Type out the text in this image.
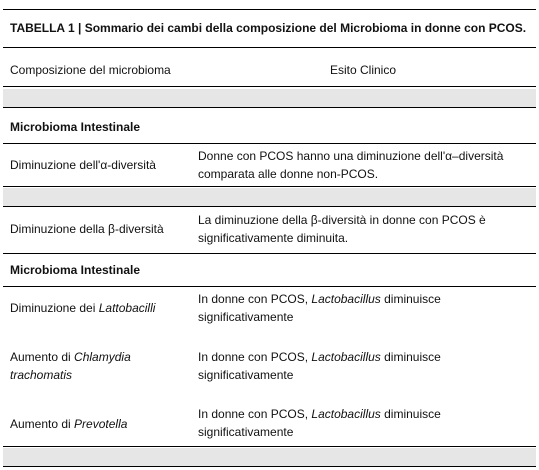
TABELLA 1 | Sommario dei cambi della composizione del Microbioma in donne con PCOS.
Composizione del microbioma	Esito Clinico
Microbioma Intestinale
Diminuzione dell'α-diversità
Donne con PCOS hanno una diminuzione dell'α–diversità
comparata alle donne non-PCOS.
Diminuzione della β-diversità
La diminuzione della β-diversità in donne con PCOS è
significativamente diminuita.
Microbioma Intestinale
Diminuzione dei Lattobacilli
In donne con PCOS, Lactobacillus diminuisce
significativamente
Aumento di Chlamydia
trachomatis
In donne con PCOS, Lactobacillus diminuisce
significativamente
Aumento di Prevotella
In donne con PCOS, Lactobacillus diminuisce
significativamente
